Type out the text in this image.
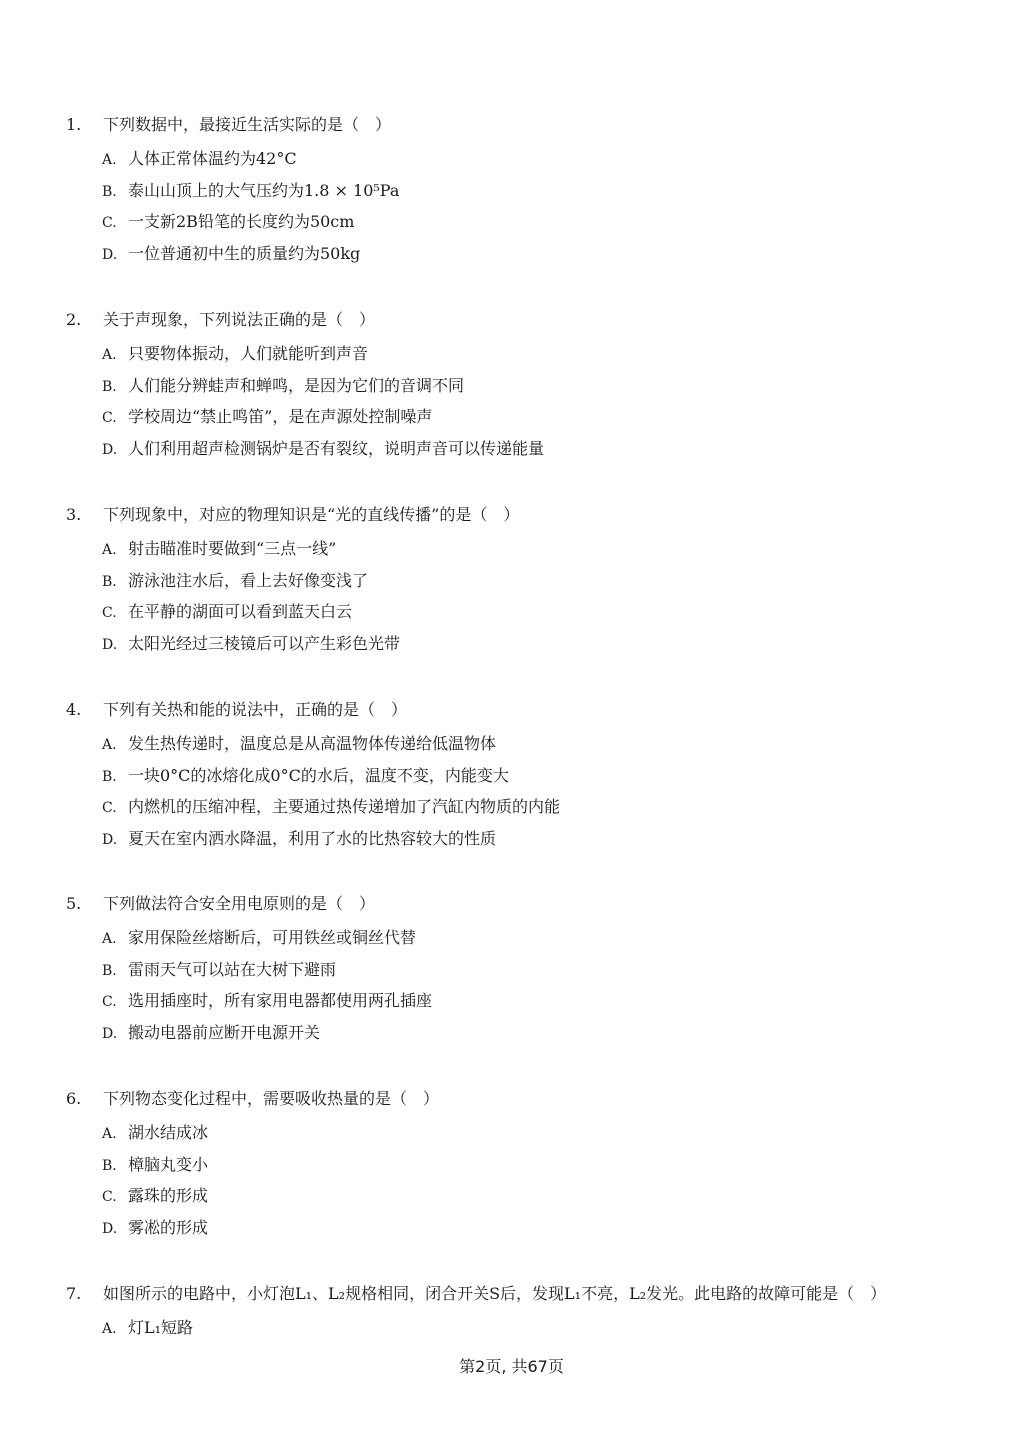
1. 下列数据中，最接近生活实际的是（　）
A. 人体正常体温约为42°C
B. 泰山山顶上的大气压约为1.8 × 10⁵Pa
C. 一支新2B铅笔的长度约为50cm
D. 一位普通初中生的质量约为50kg
2. 关于声现象，下列说法正确的是（　）
A. 只要物体振动，人们就能听到声音
B. 人们能分辨蛙声和蝉鸣，是因为它们的音调不同
C. 学校周边“禁止鸣笛”，是在声源处控制噪声
D. 人们利用超声检测锅炉是否有裂纹，说明声音可以传递能量
3. 下列现象中，对应的物理知识是“光的直线传播”的是（　）
A. 射击瞄准时要做到“三点一线”
B. 游泳池注水后，看上去好像变浅了
C. 在平静的湖面可以看到蓝天白云
D. 太阳光经过三棱镜后可以产生彩色光带
4. 下列有关热和能的说法中，正确的是（　）
A. 发生热传递时，温度总是从高温物体传递给低温物体
B. 一块0°C的冰熔化成0°C的水后，温度不变，内能变大
C. 内燃机的压缩冲程，主要通过热传递增加了汽缸内物质的内能
D. 夏天在室内洒水降温，利用了水的比热容较大的性质
5. 下列做法符合安全用电原则的是（　）
A. 家用保险丝熔断后，可用铁丝或铜丝代替
B. 雷雨天气可以站在大树下避雨
C. 选用插座时，所有家用电器都使用两孔插座
D. 搬动电器前应断开电源开关
6. 下列物态变化过程中，需要吸收热量的是（　）
A. 湖水结成冰
B. 樟脑丸变小
C. 露珠的形成
D. 雾凇的形成
7. 如图所示的电路中，小灯泡L₁、L₂规格相同，闭合开关S后，发现L₁不亮，L₂发光。此电路的故障可能是（　）
A. 灯L₁短路
第2页, 共67页
